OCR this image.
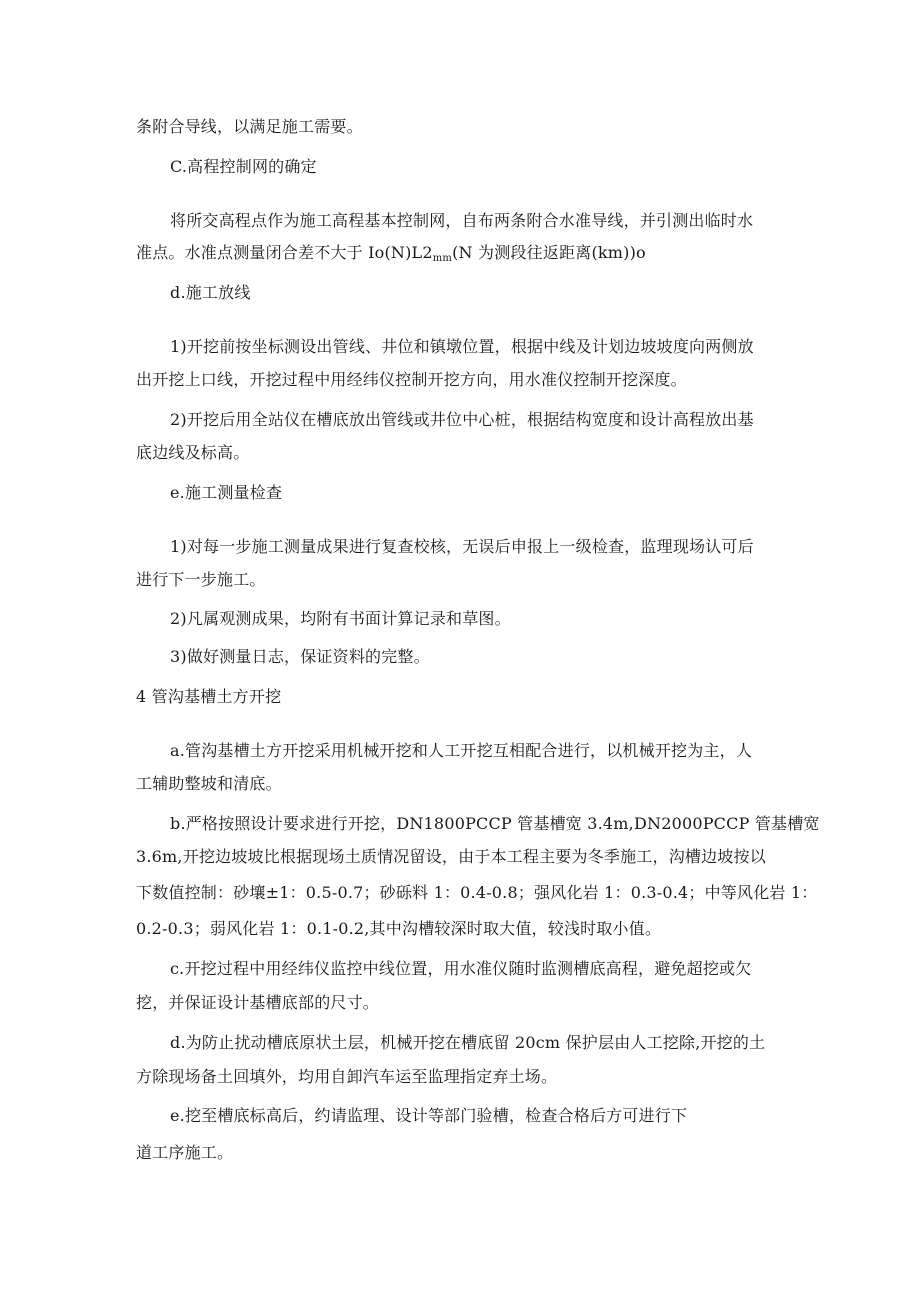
条附合导线，以满足施工需要。
C.高程控制网的确定
将所交高程点作为施工高程基本控制网，自布两条附合水准导线，并引测出临时水
准点。水准点测量闭合差不大于 $Io(N)L2_{mm}(N$ 为测段往返距离(km))o
d.施工放线
1)开挖前按坐标测设出管线、井位和镇墩位置，根据中线及计划边坡坡度向两侧放
出开挖上口线，开挖过程中用经纬仪控制开挖方向，用水准仪控制开挖深度。
2)开挖后用全站仪在槽底放出管线或井位中心桩，根据结构宽度和设计高程放出基
底边线及标高。
e.施工测量检查
1)对每一步施工测量成果进行复查校核，无误后申报上一级检查，监理现场认可后
进行下一步施工。
2)凡属观测成果，均附有书面计算记录和草图。
3)做好测量日志，保证资料的完整。
4 管沟基槽土方开挖
a.管沟基槽土方开挖采用机械开挖和人工开挖互相配合进行，以机械开挖为主，人
工辅助整坡和清底。
b.严格按照设计要求进行开挖，DN1800PCCP 管基槽宽 3.4m,DN2000PCCP 管基槽宽
3.6m,开挖边坡坡比根据现场土质情况留设，由于本工程主要为冬季施工，沟槽边坡按以
下数值控制：砂壤±1：0.5-0.7；砂砾料 1：0.4-0.8；强风化岩 1：0.3-0.4；中等风化岩 1：
0.2-0.3；弱风化岩 1：0.1-0.2,其中沟槽较深时取大值，较浅时取小值。
c.开挖过程中用经纬仪监控中线位置，用水准仪随时监测槽底高程，避免超挖或欠
挖，并保证设计基槽底部的尺寸。
d.为防止扰动槽底原状土层，机械开挖在槽底留 20cm 保护层由人工挖除,开挖的土
方除现场备土回填外，均用自卸汽车运至监理指定弃土场。
e.挖至槽底标高后，约请监理、设计等部门验槽，检查合格后方可进行下
道工序施工。
